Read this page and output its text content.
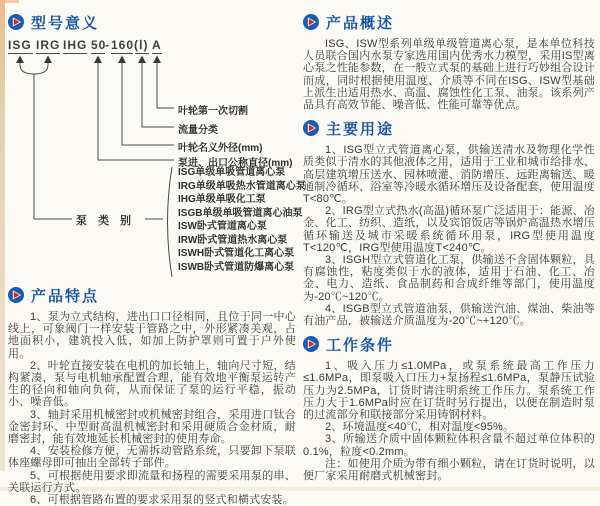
型号意义
ISG IRG IHG 50
- 160 (Ⅰ) A
叶轮第一次切割
流量分类
叶轮名义外径(mm)
泵进、出口公称直径(mm)
泵类别
ISG单级单吸管道离心泵
IRG单级单吸热水管道离心泵
IHG单级单吸化工泵
ISGB单级单吸管道离心油泵
ISW卧式管道离心泵
IRW卧式管道热水离心泵
ISWH卧式管道化工离心泵
ISWB卧式管道防爆离心泵
产品特点

1、泵为立式结构，进出口口径相同，且位于同一中心线上，可象阀门一样安装于管路之中，外形紧凑美观，占地面积小，建筑投入低，如加上防护罩则可置于户外使用。

2、叶轮直接安装在电机的加长轴上，轴向尺寸短，结构紧凑，泵与电机轴承配置合理，能有效地平衡泵运转产生的径向和轴向负荷，从而保证了泵的运行平稳，振动小、噪音低。

3、轴封采用机械密封或机械密封组合，采用进口钛合金密封环、中型耐高温机械密封和采用硬质合金材质，耐磨密封，能有效地延长机械密封的使用寿命。

4、安装检修方便，无需拆动管路系统，只要卸下泵联体座螺母即可抽出全部转子部件。

5、可根据使用要求即流量和扬程的需要采用泵的串、关联运行方式。

6、可根据管路布置的要求采用泵的竖式和横式安装。

产品概述

ISG、ISW型系列单级单级管道离心泵，是本单位科技人员联合国内水泵专家选用国内优秀水力模型，采用IS型离心泵之性能参数，在一般立式泵的基础上进行巧妙组合设计而成，同时根据使用温度、介质等不同在ISG、ISW型基础上派生出适用热水、高温、腐蚀性化工泵、油泵。该系列产品具有高效节能、噪音低、性能可靠等优点。

主要用途

1、ISG型立式管道离心泵，供输送清水及物理化学性质类似于清水的其他液体之用，适用于工业和城市给排水、高层建筑增压送水、园林喷灌、消防增压、远距离输送、暖通制冷循环、浴室等冷暖水循环增压及设备配套，使用温度T<80℃。

2、IRG型立式热水(高温)循环泵广泛适用于：能源、冶金、化工、纺织、造纸，以及宾馆饭店等锅炉高温热水增压循环输送及城市采暖系统循环用泵，IRG型使用温度T<120℃，IRG型使用温度T<240℃。

3、ISGH型立式管道化工泵，供输送不含固体颗粒，具有腐蚀性，粘度类似于水的液体，适用于石油、化工、冶金、电力、造纸、食品制药和合成纤维等部门，使用温度为-20℃~120℃。

4、ISGB型立式管道油泵，供输送汽油、煤油、柴油等有油产品，被输送介质温度为-20℃~+120℃。

工作条件

1、吸入压力≤1.0MPa，或泵系统最高工作压力≤1.6MPa，即泵吸入口压力+泵扬程≤1.6MPa，泵静压试验压力为2.5MPa，订货时请注明系统工作压力。泵系统工作压力大于1.6MPa时应在订货时另行提出，以便在制造时泵的过流部分和联接部分采用铸钢材料。

2、环境温度<40℃，相对温度<95%。

3、所输送介质中固体颗粒体积含量不超过单位体积的0.1%，粒度<0.2mm。

注：如使用介质为带有细小颗粒，请在订货时说明，以便厂家采用耐磨式机械密封。
